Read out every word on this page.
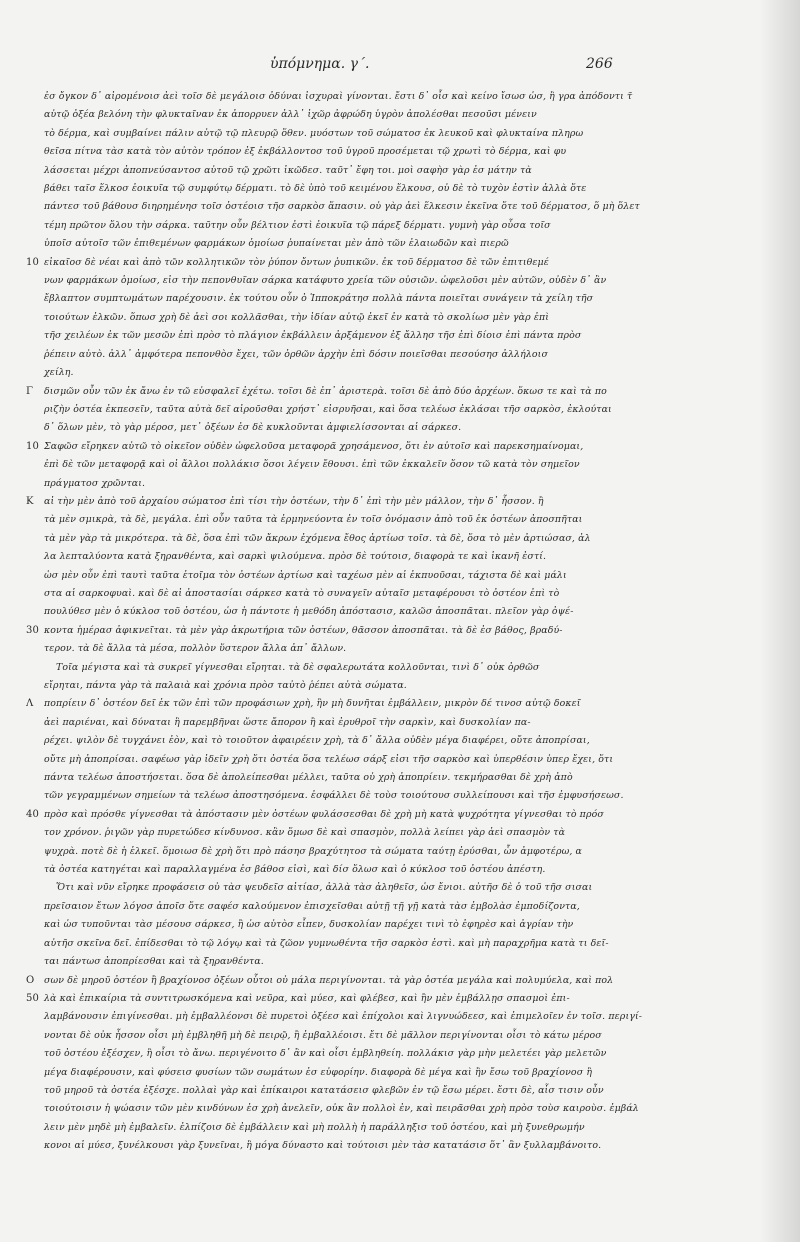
ὑπόμνημα. γ΄.	266
ἐσ ὄγκον δ᾽ αἰρομένοισ ἀεὶ τοῖσ δὲ μεγάλοισ ὀδύναι ἰσχυραὶ γίνονται. ἔστι δ᾽ οἷσ καὶ κείνο ἴσωσ ὡσ, ἢ γρα ἀπόδοντι τ̃
αὐτῷ ὀξέα βελόνη τὴν φλυκταῖναν ἐκ ἀπορρυεν ἀλλ᾽ ἰχῶρ ἀφρώδη ὑγρὸν ἀπολέσθαι πεσοῦσι μένειν
τὸ δέρμα, καὶ συμβαίνει πάλιν αὐτῷ τῷ πλευρῷ ὅθεν. μυόστων τοῦ σώματοσ ἐκ λευκοῦ καὶ φλυκταίνα πληρω
θεῖσα πίτνα τὰσ κατὰ τὸν αὐτὸν τρόπον ἐξ ἐκβάλλοντοσ τοῦ ὑγροῦ προσέμεται τῷ χρωτὶ τὸ δέρμα, καὶ φυ
λάσσεται μέχρι ἀποπνεύσαντοσ αὐτοῦ τῷ χρῶτι ἰκῶδεσ. ταῦτ᾽ ἔφη τοι. μοὶ σαφὴσ γὰρ ἐσ μάτην τὰ
βάθει ταῖσ ἕλκοσ ἐοικυῖα τῷ συμφύτῳ δέρματι. τὸ δὲ ὑπὸ τοῦ κειμένου ἕλκουσ, οὐ δὲ τὸ τυχὸν ἐστὶν ἀλλὰ ὅτε
πάντεσ τοῦ βάθουσ διηρημένησ τοῖσ ὀστέοισ τῆσ σαρκὸσ ἅπασιν. οὐ γὰρ ἀεὶ ἕλκεσιν ἐκεῖνα ὅτε τοῦ δέρματοσ, ὅ μὴ ὅλετ
τέμη πρῶτον ὅλου τὴν σάρκα. ταῦτην οὖν βέλτιον ἐστὶ ἐοικυῖα τῷ πάρεξ δέρματι. γυμνὴ γὰρ οὖσα τοῖσ
ὑποῖσ αὐτοῖσ τῶν ἐπιθεμένων φαρμάκων ὁμοίωσ ῥυπαίνεται μὲν ἀπὸ τῶν ἐλαιωδῶν καὶ πιερῶ
10 εἰκαῖοσ δὲ νέαι καὶ ἀπὸ τῶν κολλητικῶν τὸν ῥύπον ὄντων ῥυπικῶν. ἐκ τοῦ δέρματοσ δὲ τῶν ἐπιτιθεμέ
νων φαρμάκων ὁμοίωσ, εἰσ τὴν πεπονθυῖαν σάρκα κατάφυτο χρεία τῶν οὐσιῶν. ὠφελοῦσι μὲν αὐτῶν, οὐδὲν δ᾽ ἂν
ἔβλαπτον συμπτωμάτων παρέχουσιν. ἐκ τούτου οὖν ὁ Ἱπποκράτησ πολλὰ πάντα ποιεῖται συνάγειν τὰ χείλη τῆσ
τοιούτων ἑλκῶν. ὅπωσ χρὴ δὲ ἀεὶ σοι κολλᾶσθαι, τὴν ἰδίαν αὐτῷ ἐκεῖ ἐν κατὰ τὸ σκολίωσ μὲν γὰρ ἐπὶ
τῆσ χειλέων ἐκ τῶν μεσῶν ἐπὶ πρὸσ τὸ πλάγιον ἐκβάλλειν ἀρξάμενον ἐξ ἄλλησ τῆσ ἐπὶ δίοισ ἐπὶ πάντα πρὸσ
ῥέπειν αὐτὸ. ἀλλ᾽ ἀμφότερα πεπονθὸσ ἔχει, τῶν ὀρθῶν ἀρχὴν ἐπὶ δόσιν ποιεῖσθαι πεσούσησ ἀλλήλοισ
χείλη.
Γ δισμῶν οὖν τῶν ἐκ ἄνω ἐν τῶ εὐσφαλεῖ ἐχέτω. τοῖσι δὲ ἐπ᾽ ἀριστερὰ. τοῖσι δὲ ἀπὸ δύο ἀρχέων. ὅκωσ τε καὶ τὰ πο
ριζὴν ὀστέα ἐκπεσεῖν, ταῦτα αὐτὰ δεῖ αἰροῦσθαι χρήστ᾽ εἰσρυῆσαι, καὶ ὅσα τελέωσ ἐκλάσαι τῆσ σαρκὸσ, ἐκλούται
δ᾽ ὅλων μὲν, τὸ γὰρ μέροσ, μετ᾽ ὀξέων ἐσ δὲ κυκλοῦνται ἀμφιελίσσονται αἱ σάρκεσ.
10 Σαφῶσ εἴρηκεν αὐτῶ τὸ οἰκεῖον οὐδὲν ὠφελοῦσα μεταφορᾶ χρησάμενοσ, ὅτι ἐν αὐτοῖσ καὶ παρεκσημαίνομαι,
ἐπὶ δὲ τῶν μεταφορᾷ καὶ οἱ ἄλλοι πολλάκισ ὅσοι λέγειν ἔθουσι. ἐπὶ τῶν ἐκκαλεῖν ὅσον τῶ κατὰ τὸν σημεῖον
πράγματοσ χρῶνται.
Κ αἱ τὴν μὲν ἀπὸ τοῦ ἀρχαίου σώματοσ ἐπὶ τίσι τὴν ὀστέων, τὴν δ᾽ ἐπὶ τὴν μὲν μάλλον, τὴν δ᾽ ἧσσον. ἢ
τὰ μὲν σμικρὰ, τὰ δὲ, μεγάλα. ἐπὶ οὖν ταῦτα τὰ ἑρμηνεύοντα ἐν τοῖσ ὀνόμασιν ἀπὸ τοῦ ἐκ ὀστέων ἀποσπῆται
τὰ μὲν γὰρ τὰ μικρότερα. τὰ δὲ, ὅσα ἐπὶ τῶν ἄκρων ἐχόμενα ἔθος ἀρτίωσ τοῖσ. τὰ δὲ, ὅσα τὸ μὲν ἀρτιώσασ, ἀλ
λα λεπταλύοντα κατὰ ξηρανθέντα, καὶ σαρκὶ ψιλούμενα. πρὸσ δὲ τούτοισ, διαφορὰ τε καὶ ἱκανῆ ἐστί.
ὡσ μὲν οὖν ἐπὶ ταυτὶ ταῦτα ἑτοῖμα τὸν ὀστέων ἀρτίωσ καὶ ταχέωσ μὲν αἱ ἐκπυοῦσαι, τάχιστα δὲ καὶ μάλι
στα αἱ σαρκοφυαὶ. καὶ δὲ αἱ ἀποστασίαι σάρκεσ κατὰ τὸ συναγεῖν αὐταῖσ μεταφέρουσι τὸ ὀστέον ἐπὶ τὸ
πουλύθεσ μὲν ὁ κύκλοσ τοῦ ὀστέου, ὡσ ἡ πάντοτε ἡ μεθόδη ἀπόστασισ, καλῶσ ἀποσπᾶται. πλεῖον γὰρ ὀψέ-
30 κοντα ἡμέρασ ἀφικνεῖται. τὰ μὲν γὰρ ἀκρωτήρια τῶν ὀστέων, θᾶσσον ἀποσπᾶται. τὰ δὲ ἐσ βάθος, βραδύ-
τερον. τὰ δὲ ἄλλα τὰ μέσα, πολλὸν ὕστερον ἄλλα ἀπ᾽ ἄλλων.
Τοῖα μέγιστα καὶ τὰ συκρεῖ γίγνεσθαι εἴρηται. τὰ δὲ σφαλερωτάτα κολλοῦνται, τινὶ δ᾽ οὐκ ὀρθῶσ
εἴρηται, πάντα γὰρ τὰ παλαιὰ καὶ χρόνια πρὸσ ταὐτὸ ῥέπει αὐτὰ σώματα.
Λ ποπρίειν δ᾽ ὀστέον δεῖ ἐκ τῶν ἐπὶ τῶν προφάσιων χρὴ, ἢν μὴ δυνῆται ἐμβάλλειν, μικρὸν δέ τινοσ αὐτῷ δοκεῖ
ἀεὶ παριέναι, καὶ δύναται ἢ παρεμβῆναι ὥστε ἄπορον ἢ καὶ ἐρυθροῖ τὴν σαρκὶν, καὶ δυσκολίαν πα-
ρέχει. ψιλὸν δὲ τυγχάνει ἐὸν, καὶ τὸ τοιοῦτον ἀφαιρέειν χρὴ, τὰ δ᾽ ἄλλα οὐδὲν μέγα διαφέρει, οὔτε ἀποπρίσαι,
οὔτε μὴ ἀποπρίσαι. σαφέωσ γὰρ ἰδεῖν χρὴ ὅτι ὀστέα ὅσα τελέωσ σάρξ εἰσι τῆσ σαρκὸσ καὶ ὑπερθέσιν ὑπερ ἔχει, ὅτι
πάντα τελέωσ ἀποστήσεται. ὅσα δὲ ἀπολείπεσθαι μέλλει, ταῦτα οὐ χρὴ ἀποπρίειν. τεκμήρασθαι δὲ χρὴ ἀπὸ
τῶν γεγραμμένων σημείων τὰ τελέωσ ἀποστησόμενα. ἐσφάλλει δὲ τοὺσ τοιούτουσ συλλείπουσι καὶ τῆσ ἐμφυσήσεωσ.
40 πρὸσ καὶ πρόσθε γίγνεσθαι τὰ ἀπόστασιν μὲν ὀστέων φυλάσσεσθαι δὲ χρὴ μὴ κατὰ ψυχρότητα γίγνεσθαι τὸ πρόσ
τον χρόνον. ῥιγῶν γὰρ πυρετώδεσ κίνδυνοσ. κἂν ὅμωσ δὲ καὶ σπασμὸν, πολλὰ λείπει γὰρ ἀεὶ σπασμὸν τὰ
ψυχρὰ. ποτὲ δὲ ἡ ἑλκεῖ. ὅμοιωσ δὲ χρὴ ὅτι πρὸ πάσησ βραχύτητοσ τὰ σώματα ταύτῃ ἐρύσθαι, ὧν ἀμφοτέρω, α
τὰ ὀστέα κατηγέται καὶ παραλλαγμένα ἐσ βάθοσ εἰσὶ, καὶ δίσ ὅλωσ καὶ ὁ κύκλοσ τοῦ ὀστέου ἀπέστη.
Ὅτι καὶ νῦν εἴρηκε προφάσεισ οὐ τὰσ ψευδεῖσ αἰτίασ, ἀλλὰ τὰσ ἀληθεῖσ, ὡσ ἔνιοι. αὐτῆσ δὲ ὁ τοῦ τῆσ σισαι
πρεῖσαιον ἔτων λόγοσ ἀποῖσ ὅτε σαφέσ καλούμενον ἐπισχεῖσθαι αὐτῇ τῇ γῇ κατὰ τὰσ ἐμβολὰσ ἐμποδίζοντα,
καὶ ὡσ τυποῦνται τὰσ μέσουσ σάρκεσ, ἢ ὡσ αὐτὸσ εἶπεν, δυσκολίαν παρέχει τινὶ τὸ ἐφηρὲσ καὶ ἀγρίαν τὴν
αὐτῆσ σκεῖνα δεῖ. ἐπίδεσθαι τὸ τῷ λόγῳ καὶ τὰ ζῶον γυμνωθέντα τῆσ σαρκὸσ ἐστὶ. καὶ μὴ παραχρῆμα κατὰ τι δεῖ-
ται πάντωσ ἀποπρίεσθαι καὶ τὰ ξηρανθέντα.
Ο σων δὲ μηροῦ ὀστέον ἢ βραχίονοσ ὀξέων οὗτοι οὐ μάλα περιγίνονται. τὰ γὰρ ὀστέα μεγάλα καὶ πολυμύελα, καὶ πολ
50 λὰ καὶ ἐπικαίρια τὰ συντιτρωσκόμενα καὶ νεῦρα, καὶ μύεσ, καὶ φλέβεσ, καὶ ἢν μὲν ἐμβάλλῃσ σπασμοὶ ἐπι-
λαμβάνουσιν ἐπιγίνεσθαι. μὴ ἐμβαλλέονσι δὲ πυρετοὶ ὀξέεσ καὶ ἐπίχολοι καὶ λιγνυώδεεσ, καὶ ἐπιμελοῖεν ἐν τοῖσ. περιγί-
νονται δὲ οὐκ ἧσσον οἷσι μὴ ἐμβληθῆ μὴ δὲ πειρῷ, ἢ ἐμβαλλέοισι. ἔτι δὲ μᾶλλον περιγίνονται οἷσι τὸ κάτω μέροσ
τοῦ ὀστέου ἐξέσχεν, ἢ οἷσι τὸ ἄνω. περιγένοιτο δ᾽ ἂν καὶ οἷσι ἐμβληθείη. πολλάκισ γὰρ μὴν μελετέει γὰρ μελετῶν
μέγα διαφέρουσιν, καὶ φύσεισ φυσίων τῶν σωμάτων ἐσ εὐφορίην. διαφορὰ δὲ μέγα καὶ ἢν ἔσω τοῦ βραχίονοσ ἢ
τοῦ μηροῦ τὰ ὀστέα ἐξέσχε. πολλαὶ γὰρ καὶ ἐπίκαιροι κατατάσεισ φλεβῶν ἐν τῷ ἔσω μέρει. ἔστι δὲ, αἷσ τισιν οὖν
τοιούτοισιν ἡ ψώασιν τῶν μὲν κινδύνων ἐσ χρὴ ἀνελεῖν, οὐκ ἂν πολλοὶ ἐν, καὶ πειρᾶσθαι χρὴ πρὸσ τοὺσ καιροὺσ. ἐμβάλ
λειν μὲν μηδὲ μὴ ἐμβαλεῖν. ἐλπίζοισ δὲ ἐμβάλλειν καὶ μὴ πολλὴ ἡ παράλληξισ τοῦ ὀστέου, καὶ μὴ ξυνεθρωμήν
κονοι αἱ μύεσ, ξυνέλκουσι γὰρ ξυνεῖναι, ἢ μόγα δύναστο καὶ τούτοισι μὲν τὰσ κατατάσισ ὅτ᾽ ἂν ξυλλαμβάνοιτο.
